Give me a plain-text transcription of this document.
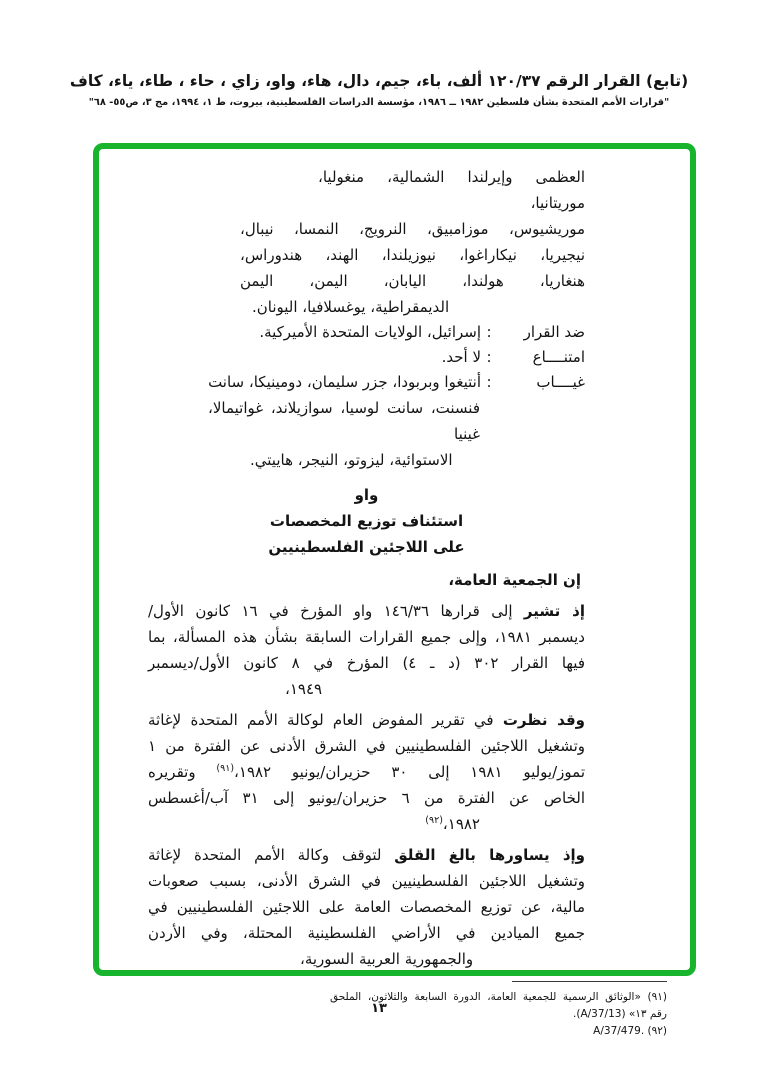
(تابع) القرار الرقم ١٢٠/٣٧ ألف، باء، جيم، دال، هاء، واو، زاي ، حاء ، طاء، ياء، كاف
"قرارات الأمم المتحدة بشأن فلسطين ١٩٨٢ ــ ١٩٨٦، مؤسسة الدراسات الفلسطينية، بيروت، ط ١، ١٩٩٤، مج ٣، ص٥٥- ٦٨"
العظمى وإيرلندا الشمالية، منغوليا، موريتانيا،
موريشيوس، موزامبيق، النرويج، النمسا، نيبال،
نيجيريا، نيكاراغوا، نيوزيلندا، الهند، هندوراس،
هنغاريا، هولندا، اليابان، اليمن، اليمن
الديمقراطية، يوغسلافيا، اليونان.
ضد القرار
:
إسرائيل، الولايات المتحدة الأميركية.
امتنــــاع
:
لا أحد.
غيــــاب
:
أنتيغوا وبربودا، جزر سليمان، دومينيكا، سانت
فنسنت، سانت لوسيا، سوازيلاند، غواتيمالا، غينيا
الاستوائية، ليزوتو، النيجر، هاييتي.
واو
استئناف توزيع المخصصات
على اللاجئين الفلسطينيين
إن الجمعية العامة،
إذ تشير إلى قرارها ١٤٦/٣٦ واو المؤرخ في ١٦ كانون الأول/
ديسمبر ١٩٨١، وإلى جميع القرارات السابقة بشأن هذه المسألة، بما
فيها القرار ٣٠٢ (د ـ ٤) المؤرخ في ٨ كانون الأول/ديسمبر
١٩٤٩،
وقد نظرت في تقرير المفوض العام لوكالة الأمم المتحدة لإغاثة
وتشغيل اللاجئين الفلسطينيين في الشرق الأدنى عن الفترة من ١
تموز/يوليو ١٩٨١ إلى ٣٠ حزيران/يونيو ١٩٨٢،$^{(٩١)}$ وتقريره
الخاص عن الفترة من ٦ حزيران/يونيو إلى ٣١ آب/أغسطس
١٩٨٢،$^{(٩٢)}$
وإذ يساورها بالغ القلق لتوقف وكالة الأمم المتحدة لإغاثة
وتشغيل اللاجئين الفلسطينيين في الشرق الأدنى، بسبب صعوبات
مالية، عن توزيع المخصصات العامة على اللاجئين الفلسطينيين في
جميع الميادين في الأراضي الفلسطينية المحتلة، وفي الأردن
والجمهورية العربية السورية،
(٩١) «الوثائق الرسمية للجمعية العامة، الدورة السابعة والثلاثون، الملحق
رقم ١٣» (A/37/13).
(٩٢) A/37/479.‎
١٣
